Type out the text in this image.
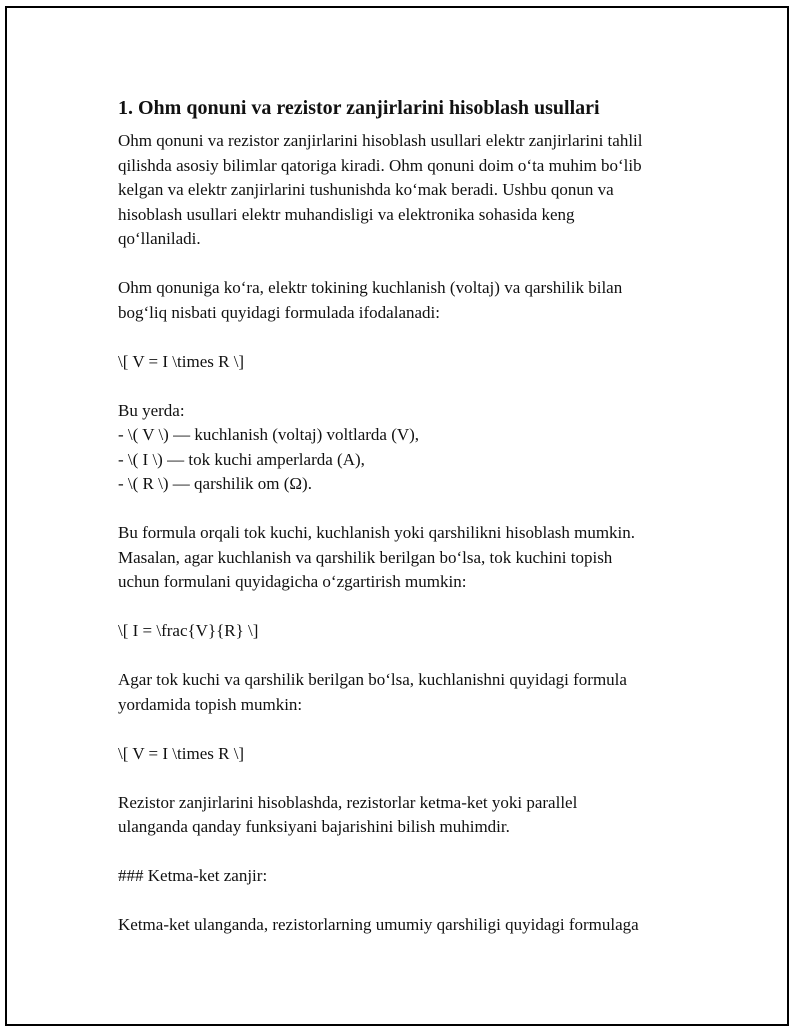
1. Ohm qonuni va rezistor zanjirlarini hisoblash usullari

Ohm qonuni va rezistor zanjirlarini hisoblash usullari elektr zanjirlarini tahlil
qilishda asosiy bilimlar qatoriga kiradi. Ohm qonuni doim o‘ta muhim bo‘lib
kelgan va elektr zanjirlarini tushunishda ko‘mak beradi. Ushbu qonun va
hisoblash usullari elektr muhandisligi va elektronika sohasida keng
qo‘llaniladi.

Ohm qonuniga ko‘ra, elektr tokining kuchlanish (voltaj) va qarshilik bilan
bog‘liq nisbati quyidagi formulada ifodalanadi:

\[ V = I \times R \]

Bu yerda:
- \( V \) — kuchlanish (voltaj) voltlarda (V),
- \( I \) — tok kuchi amperlarda (A),
- \( R \) — qarshilik om (Ω).

Bu formula orqali tok kuchi, kuchlanish yoki qarshilikni hisoblash mumkin.
Masalan, agar kuchlanish va qarshilik berilgan bo‘lsa, tok kuchini topish
uchun formulani quyidagicha o‘zgartirish mumkin:

\[ I = \frac{V}{R} \]

Agar tok kuchi va qarshilik berilgan bo‘lsa, kuchlanishni quyidagi formula
yordamida topish mumkin:

\[ V = I \times R \]

Rezistor zanjirlarini hisoblashda, rezistorlar ketma-ket yoki parallel
ulanganda qanday funksiyani bajarishini bilish muhimdir.

### Ketma-ket zanjir:

Ketma-ket ulanganda, rezistorlarning umumiy qarshiligi quyidagi formulaga
